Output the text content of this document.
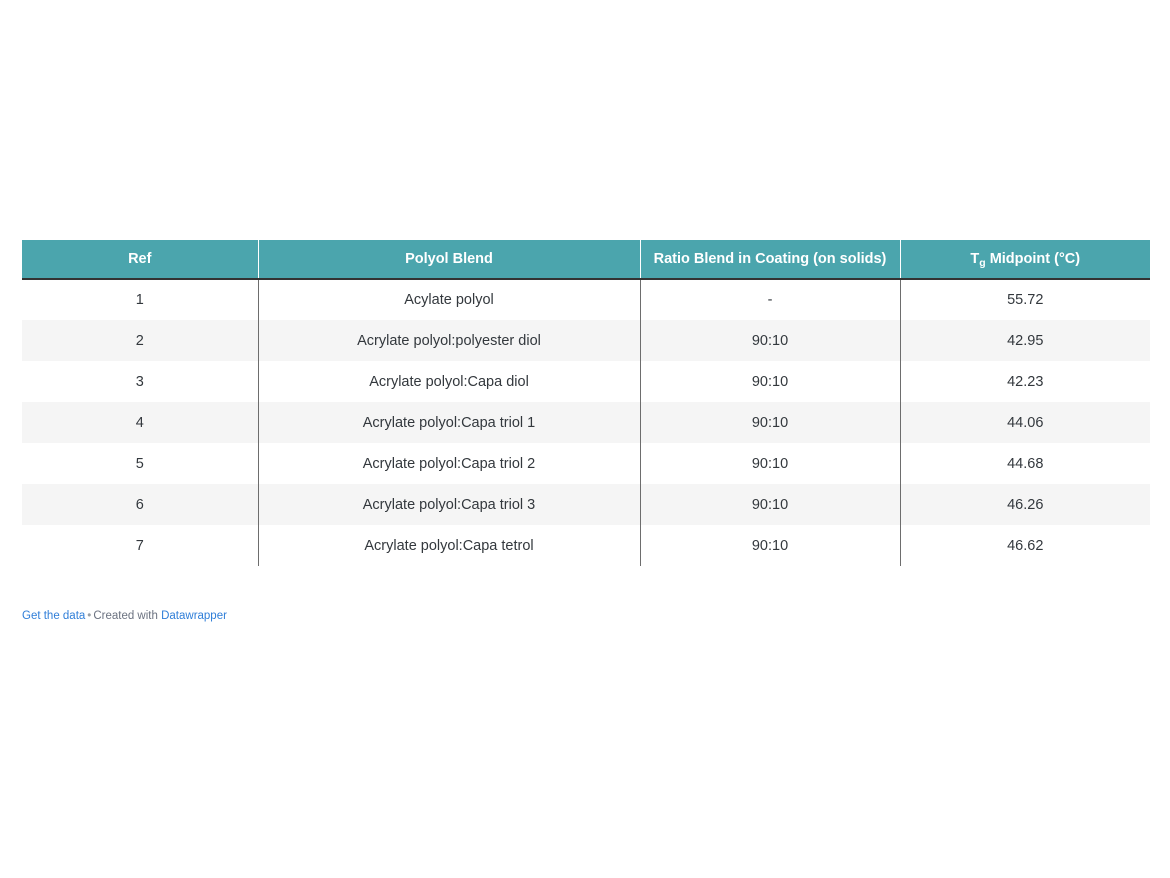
Ref	Polyol Blend	Ratio Blend in Coating (on solids)	$T_g$ Midpoint (°C)
1	Acylate polyol	-	55.72
2	Acrylate polyol:polyester diol	90:10	42.95
3	Acrylate polyol:Capa diol	90:10	42.23
4	Acrylate polyol:Capa triol 1	90:10	44.06
5	Acrylate polyol:Capa triol 2	90:10	44.68
6	Acrylate polyol:Capa triol 3	90:10	46.26
7	Acrylate polyol:Capa tetrol	90:10	46.62
Get the data • Created with Datawrapper
